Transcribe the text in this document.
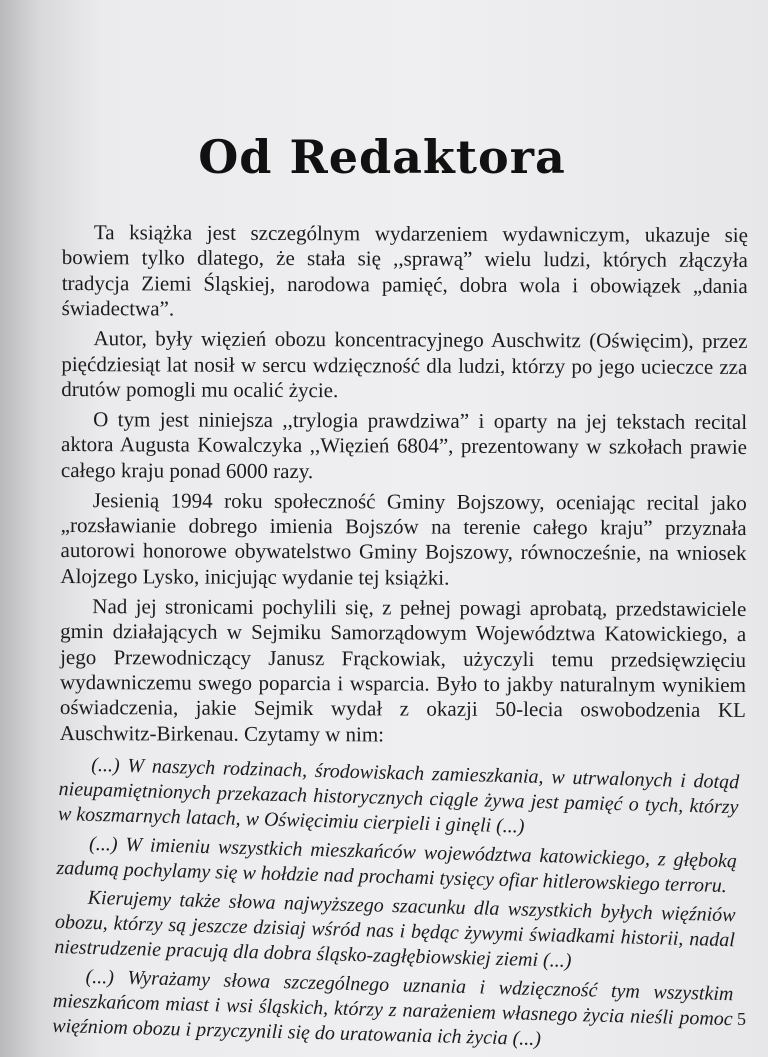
Od Redaktora

Ta książka jest szczególnym wydarzeniem wydawniczym, ukazuje się bowiem tylko dlatego, że stała się ,,sprawą” wielu ludzi, których złączyła tradycja Ziemi Śląskiej, narodowa pamięć, dobra wola i obowiązek „dania świadectwa”.

Autor, były więzień obozu koncentracyjnego Auschwitz (Oświęcim), przez pięćdziesiąt lat nosił w sercu wdzięczność dla ludzi, którzy po jego ucieczce zza drutów pomogli mu ocalić życie.

O tym jest niniejsza ,,trylogia prawdziwa” i oparty na jej tekstach recital aktora Augusta Kowalczyka ,,Więzień 6804”, prezentowany w szkołach prawie całego kraju ponad 6000 razy.

Jesienią 1994 roku społeczność Gminy Bojszowy, oceniając recital jako „rozsławianie dobrego imienia Bojszów na terenie całego kraju” przyznała autorowi honorowe obywatelstwo Gminy Bojszowy, równocześnie, na wniosek Alojzego Lysko, inicjując wydanie tej książki.

Nad jej stronicami pochylili się, z pełnej powagi aprobatą, przedstawiciele gmin działających w Sejmiku Samorządowym Województwa Katowickiego, a jego Przewodniczący Janusz Frąckowiak, użyczyli temu przedsięwzięciu wydawniczemu swego poparcia i wsparcia. Było to jakby naturalnym wynikiem oświadczenia, jakie Sejmik wydał z okazji 50-lecia oswobodzenia KL Auschwitz-Birkenau. Czytamy w nim:

(...) W naszych rodzinach, środowiskach zamieszkania, w utrwalonych i dotąd nieupamiętnionych przekazach historycznych ciągle żywa jest pamięć o tych, którzy w koszmarnych latach, w Oświęcimiu cierpieli i ginęli (...)

(...) W imieniu wszystkich mieszkańców województwa katowickiego, z głęboką zadumą pochylamy się w hołdzie nad prochami tysięcy ofiar hitlerowskiego terroru.

Kierujemy także słowa najwyższego szacunku dla wszystkich byłych więźniów obozu, którzy są jeszcze dzisiaj wśród nas i będąc żywymi świadkami historii, nadal niestrudzenie pracują dla dobra śląsko-zagłębiowskiej ziemi (...)

(...) Wyrażamy słowa szczególnego uznania i wdzięczność tym wszystkim mieszkańcom miast i wsi śląskich, którzy z narażeniem własnego życia nieśli pomoc więźniom obozu i przyczynili się do uratowania ich życia (...)	5
